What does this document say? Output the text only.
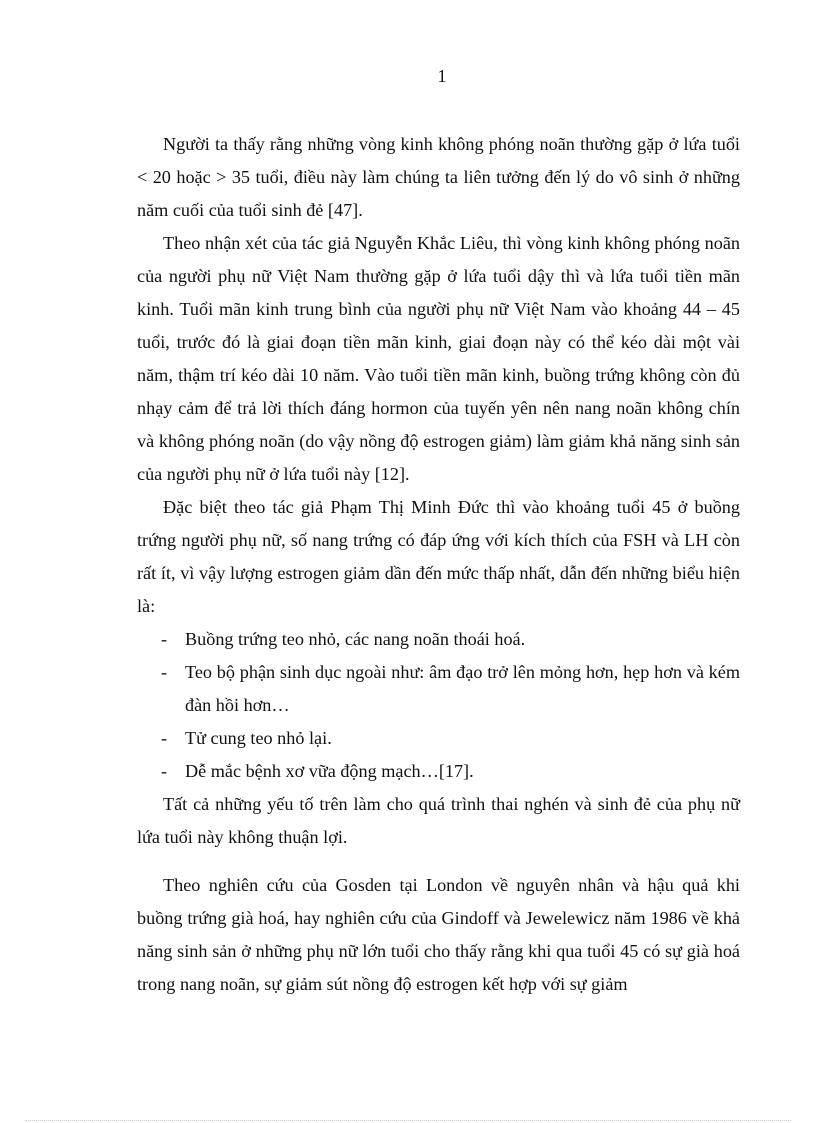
1

Người ta thấy rằng những vòng kinh không phóng noãn thường gặp ở lứa tuổi < 20 hoặc > 35 tuổi, điều này làm chúng ta liên tưởng đến lý do vô sinh ở những năm cuối của tuổi sinh đẻ [47].

Theo nhận xét của tác giả Nguyễn Khắc Liêu, thì vòng kinh không phóng noãn của người phụ nữ Việt Nam thường gặp ở lứa tuổi dậy thì và lứa tuổi tiền mãn kinh. Tuổi mãn kinh trung bình của người phụ nữ Việt Nam vào khoảng 44 – 45 tuổi, trước đó là giai đoạn tiền mãn kinh, giai đoạn này có thể kéo dài một vài năm, thậm trí kéo dài 10 năm. Vào tuổi tiền mãn kinh, buồng trứng không còn đủ nhạy cảm để trả lời thích đáng hormon của tuyến yên nên nang noãn không chín và không phóng noãn (do vậy nồng độ estrogen giảm) làm giảm khả năng sinh sản của người phụ nữ ở lứa tuổi này [12].

Đặc biệt theo tác giả Phạm Thị Minh Đức thì vào khoảng tuổi 45 ở buồng trứng người phụ nữ, số nang trứng có đáp ứng với kích thích của FSH và LH còn rất ít, vì vậy lượng estrogen giảm dần đến mức thấp nhất, dẫn đến những biểu hiện là:

- Buồng trứng teo nhỏ, các nang noãn thoái hoá.
- Teo bộ phận sinh dục ngoài như: âm đạo trở lên mỏng hơn, hẹp hơn và kém đàn hồi hơn…
- Tử cung teo nhỏ lại.
- Dễ mắc bệnh xơ vữa động mạch…[17].

Tất cả những yếu tố trên làm cho quá trình thai nghén và sinh đẻ của phụ nữ lứa tuổi này không thuận lợi.

Theo nghiên cứu của Gosden tại London về nguyên nhân và hậu quả khi buồng trứng già hoá, hay nghiên cứu của Gindoff và Jewelewicz năm 1986 về khả năng sinh sản ở những phụ nữ lớn tuổi cho thấy rằng khi qua tuổi 45 có sự già hoá trong nang noãn, sự giảm sút nồng độ estrogen kết hợp với sự giảm
